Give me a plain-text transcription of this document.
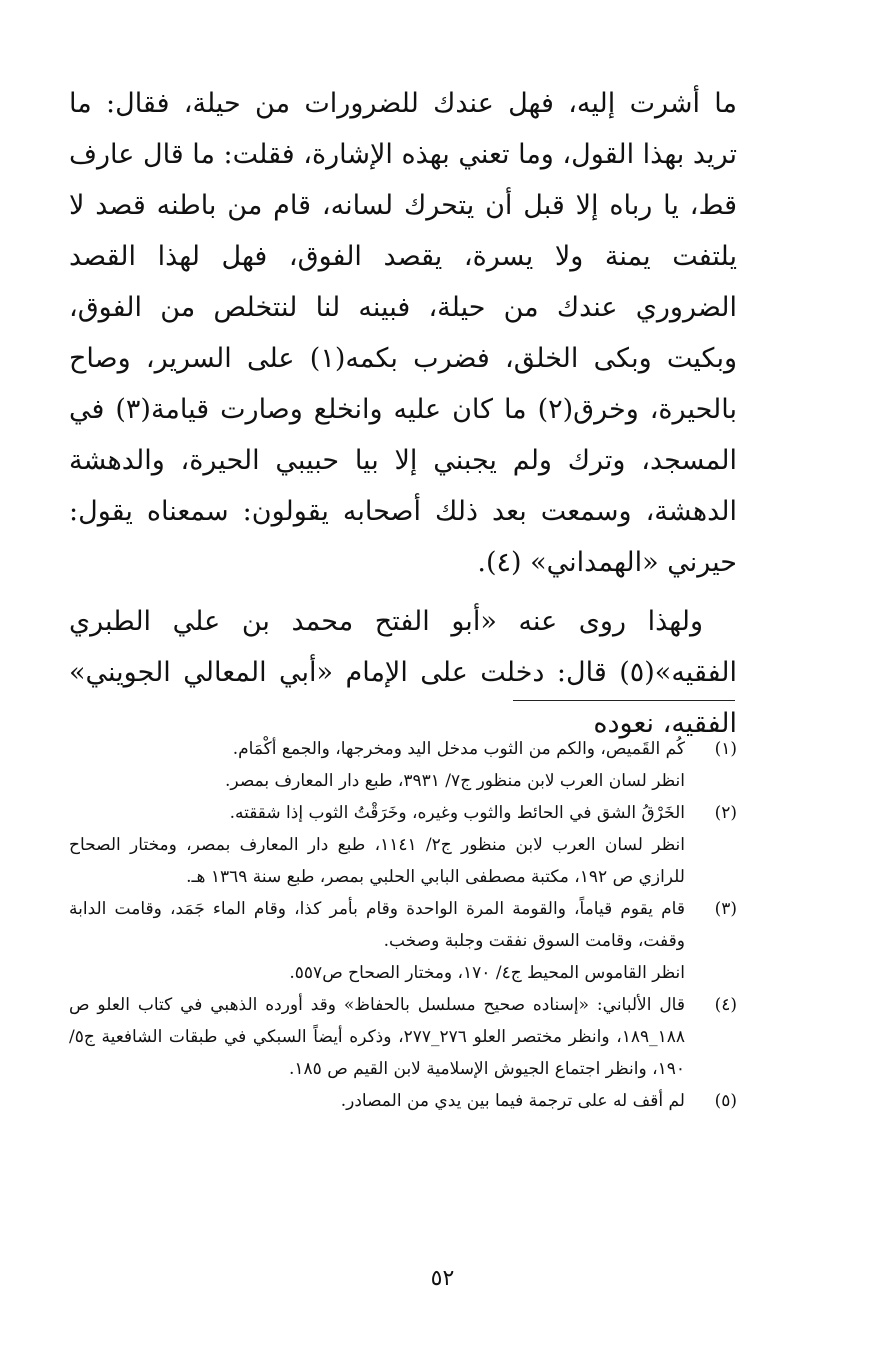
ما أشرت إليه، فهل عندك للضرورات من حيلة، فقال: ما تريد بهذا القول، وما تعني بهذه الإشارة، فقلت: ما قال عارف قط، يا رباه إلا قبل أن يتحرك لسانه، قام من باطنه قصد لا يلتفت يمنة ولا يسرة، يقصد الفوق، فهل لهذا القصد الضروري عندك من حيلة، فبينه لنا لنتخلص من الفوق، وبكيت وبكى الخلق، فضرب بكمه(١) على السرير، وصاح بالحيرة، وخرق(٢) ما كان عليه وانخلع وصارت قيامة(٣) في المسجد، وترك ولم يجبني إلا بيا حبيبي الحيرة، والدهشة الدهشة، وسمعت بعد ذلك أصحابه يقولون: سمعناه يقول: حيرني «الهمداني» (٤).

ولهذا روى عنه «أبو الفتح محمد بن علي الطبري الفقيه»(٥) قال: دخلت على الإمام «أبي المعالي الجويني» الفقيه، نعوده

(١)
كُم القَميص، والكم من الثوب مدخل اليد ومخرجها، والجمع أكْمَام.
انظر لسان العرب لابن منظور ج٧/ ٣٩٣١، طبع دار المعارف بمصر.
(٢)
الخَرْقُ الشق في الحائط والثوب وغيره، وخَرَقْتُ الثوب إذا شققته.
انظر لسان العرب لابن منظور ج٢/ ١١٤١، طبع دار المعارف بمصر، ومختار الصحاح للرازي ص ١٩٢، مكتبة مصطفى البابي الحلبي بمصر، طبع سنة ١٣٦٩ هـ.
(٣)
قام يقوم قياماً، والقومة المرة الواحدة وقام بأمر كذا، وقام الماء جَمَد، وقامت الدابة وقفت، وقامت السوق نفقت وجلبة وصخب.
انظر القاموس المحيط ج٤/ ١٧٠، ومختار الصحاح ص٥٥٧.
(٤)
قال الألباني: «إسناده صحيح مسلسل بالحفاظ» وقد أورده الذهبي في كتاب العلو ص ١٨٨_١٨٩، وانظر مختصر العلو ٢٧٦_٢٧٧، وذكره أيضاً السبكي في طبقات الشافعية ج٥/ ١٩٠، وانظر اجتماع الجيوش الإسلامية لابن القيم ص ١٨٥.
(٥)
لم أقف له على ترجمة فيما بين يدي من المصادر.
٥٢
